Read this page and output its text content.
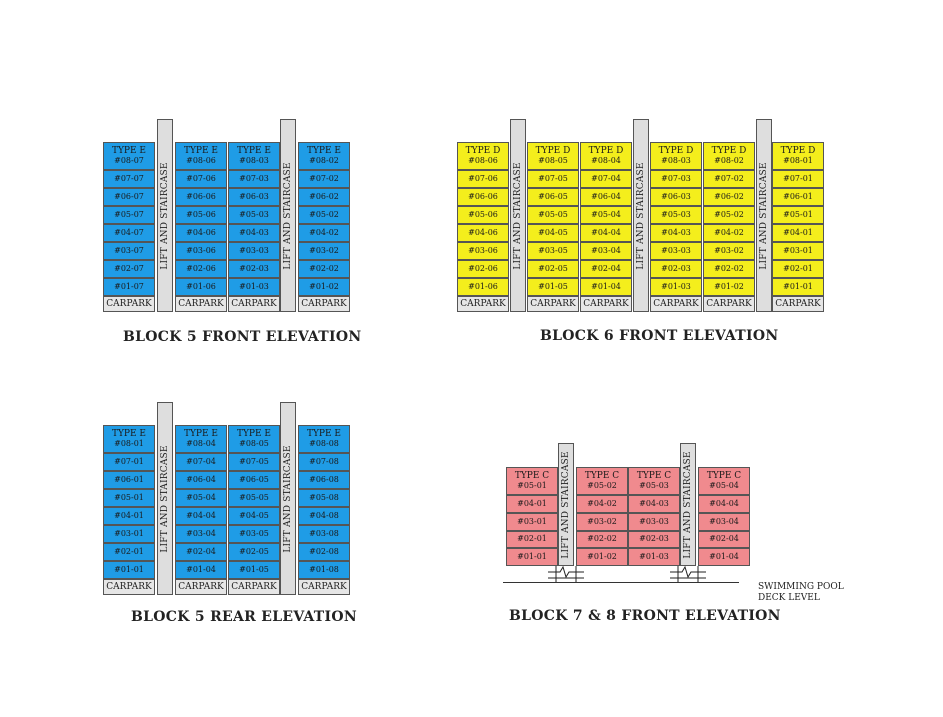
TYPE E
#08-07
#07-07
#06-07
#05-07
#04-07
#03-07
#02-07
#01-07
CARPARK
TYPE E
#08-06
#07-06
#06-06
#05-06
#04-06
#03-06
#02-06
#01-06
CARPARK
TYPE E
#08-03
#07-03
#06-03
#05-03
#04-03
#03-03
#02-03
#01-03
CARPARK
TYPE E
#08-02
#07-02
#06-02
#05-02
#04-02
#03-02
#02-02
#01-02
CARPARK
LIFT AND STAIRCASE	LIFT AND STAIRCASE
BLOCK 5 FRONT ELEVATION
TYPE D
#08-06
#07-06
#06-06
#05-06
#04-06
#03-06
#02-06
#01-06
CARPARK
TYPE D
#08-05
#07-05
#06-05
#05-05
#04-05
#03-05
#02-05
#01-05
CARPARK
TYPE D
#08-04
#07-04
#06-04
#05-04
#04-04
#03-04
#02-04
#01-04
CARPARK
TYPE D
#08-03
#07-03
#06-03
#05-03
#04-03
#03-03
#02-03
#01-03
CARPARK
TYPE D
#08-02
#07-02
#06-02
#05-02
#04-02
#03-02
#02-02
#01-02
CARPARK
TYPE D
#08-01
#07-01
#06-01
#05-01
#04-01
#03-01
#02-01
#01-01
CARPARK
LIFT AND STAIRCASE	LIFT AND STAIRCASE	LIFT AND STAIRCASE
BLOCK 6 FRONT ELEVATION
TYPE E
#08-01
#07-01
#06-01
#05-01
#04-01
#03-01
#02-01
#01-01
CARPARK
TYPE E
#08-04
#07-04
#06-04
#05-04
#04-04
#03-04
#02-04
#01-04
CARPARK
TYPE E
#08-05
#07-05
#06-05
#05-05
#04-05
#03-05
#02-05
#01-05
CARPARK
TYPE E
#08-08
#07-08
#06-08
#05-08
#04-08
#03-08
#02-08
#01-08
CARPARK
LIFT AND STAIRCASE	LIFT AND STAIRCASE
BLOCK 5 REAR ELEVATION
TYPE C
#05-01
#04-01
#03-01
#02-01
#01-01
TYPE C
#05-02
#04-02
#03-02
#02-02
#01-02
TYPE C
#05-03
#04-03
#03-03
#02-03
#01-03
TYPE C
#05-04
#04-04
#03-04
#02-04
#01-04
LIFT AND STAIRCASE	LIFT AND STAIRCASE
BLOCK 7 & 8 FRONT ELEVATION
SWIMMING POOL
DECK LEVEL
